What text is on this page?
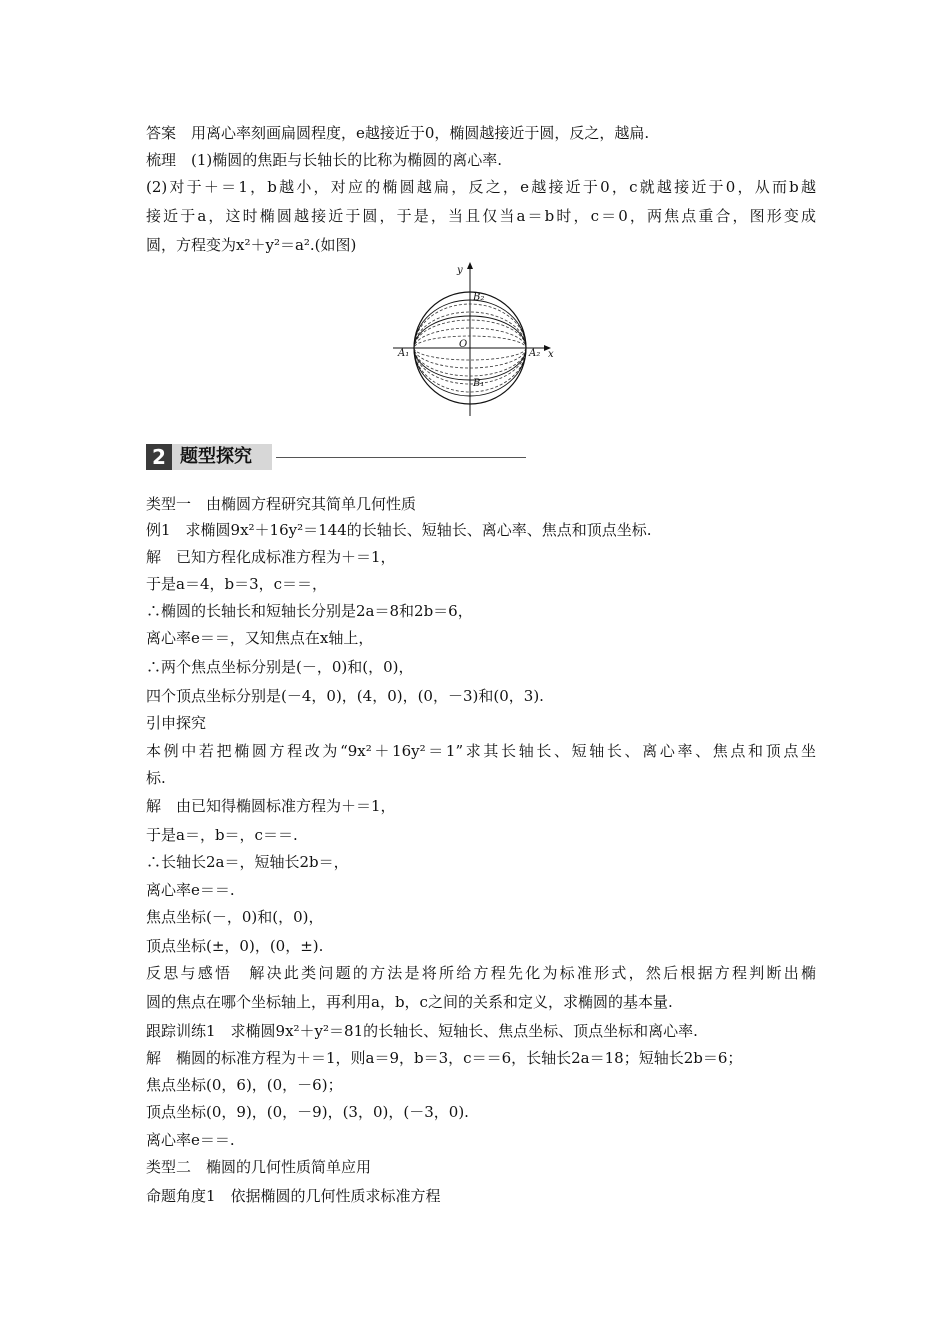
答案　用离心率刻画扁圆程度，e越接近于0，椭圆越接近于圆，反之，越扁.
梳理　(1)椭圆的焦距与长轴长的比称为椭圆的离心率.
(2)对于＋＝1，b越小，对应的椭圆越扁，反之，e越接近于0，c就越接近于0，从而b越
接近于a，这时椭圆越接近于圆，于是，当且仅当a＝b时，c＝0，两焦点重合，图形变成
圆，方程变为x²＋y²＝a².(如图)
y
x
O
A₁	A₂
B₂
B₁
2 题型探究
类型一　由椭圆方程研究其简单几何性质
例1　求椭圆9x²＋16y²＝144的长轴长、短轴长、离心率、焦点和顶点坐标.
解　已知方程化成标准方程为＋＝1，
于是a＝4，b＝3，c＝＝，
∴椭圆的长轴长和短轴长分别是2a＝8和2b＝6，
离心率e＝＝，又知焦点在x轴上，
∴两个焦点坐标分别是(－，0)和(，0)，
四个顶点坐标分别是(－4，0)，(4，0)，(0，－3)和(0，3).
引申探究
本例中若把椭圆方程改为“9x²＋16y²＝1”求其长轴长、短轴长、离心率、焦点和顶点坐
标.
解　由已知得椭圆标准方程为＋＝1，
于是a＝，b＝，c＝＝.
∴长轴长2a＝，短轴长2b＝，
离心率e＝＝.
焦点坐标(－，0)和(，0)，
顶点坐标(±，0)，(0，±).
反思与感悟　解决此类问题的方法是将所给方程先化为标准形式，然后根据方程判断出椭
圆的焦点在哪个坐标轴上，再利用a，b，c之间的关系和定义，求椭圆的基本量.
跟踪训练1　求椭圆9x²＋y²＝81的长轴长、短轴长、焦点坐标、顶点坐标和离心率.
解　椭圆的标准方程为＋＝1，则a＝9，b＝3，c＝＝6，长轴长2a＝18；短轴长2b＝6；
焦点坐标(0，6)，(0，－6)；
顶点坐标(0，9)，(0，－9)，(3，0)，(－3，0).
离心率e＝＝.
类型二　椭圆的几何性质简单应用
命题角度1　依据椭圆的几何性质求标准方程
